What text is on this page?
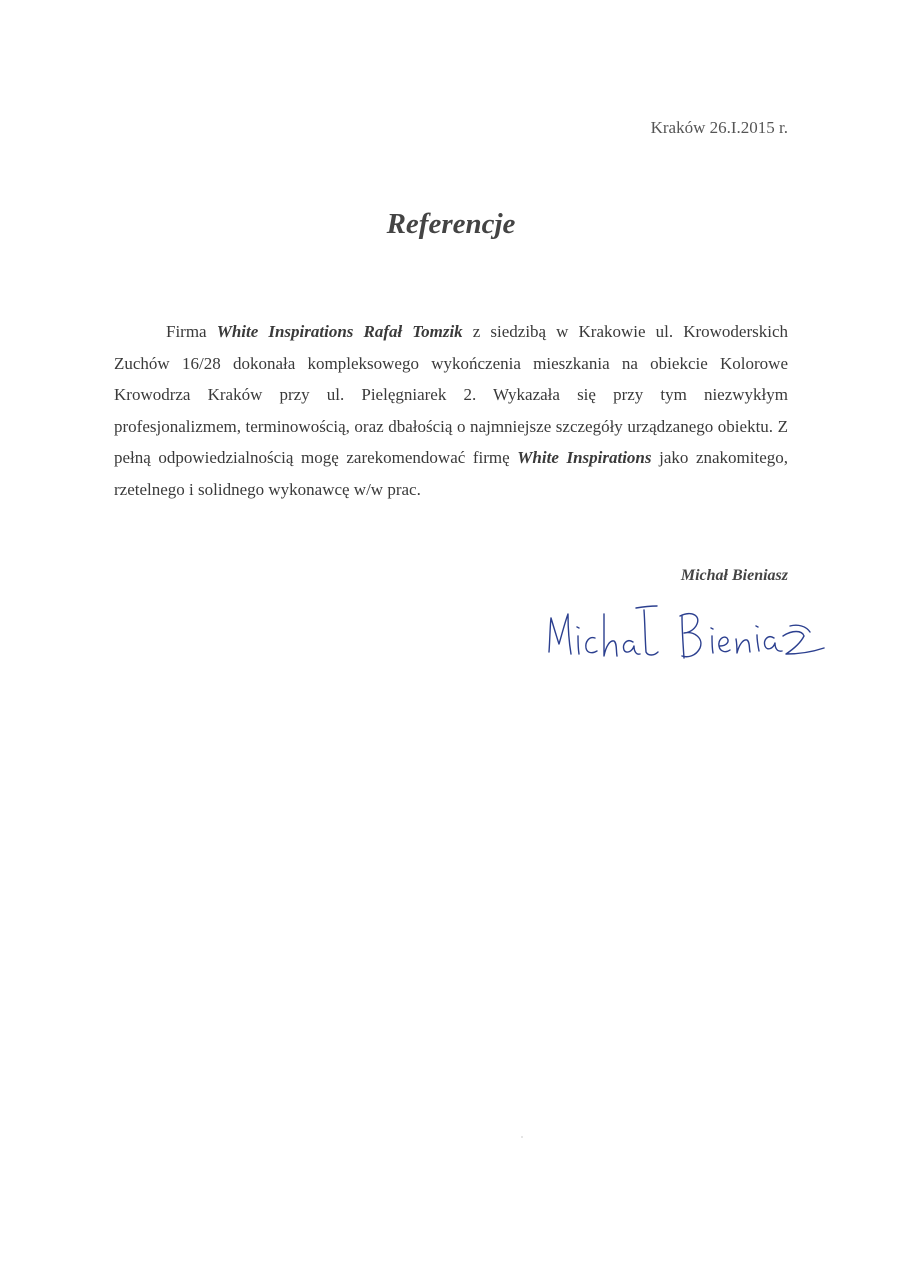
Kraków 26.I.2015 r.
Referencje

Firma White Inspirations Rafał Tomzik z siedzibą w Krakowie ul. Krowoderskich Zuchów 16/28 dokonała kompleksowego wykończenia mieszkania na obiekcie Kolorowe Krowodrza Kraków przy ul. Pielęgniarek 2. Wykazała się przy tym niezwykłym profesjonalizmem, terminowością, oraz dbałością o najmniejsze szczegóły urządzanego obiektu. Z pełną odpowiedzialnością mogę zarekomendować firmę White Inspirations jako znakomitego, rzetelnego i solidnego wykonawcę w/w prac.

Michał Bieniasz
